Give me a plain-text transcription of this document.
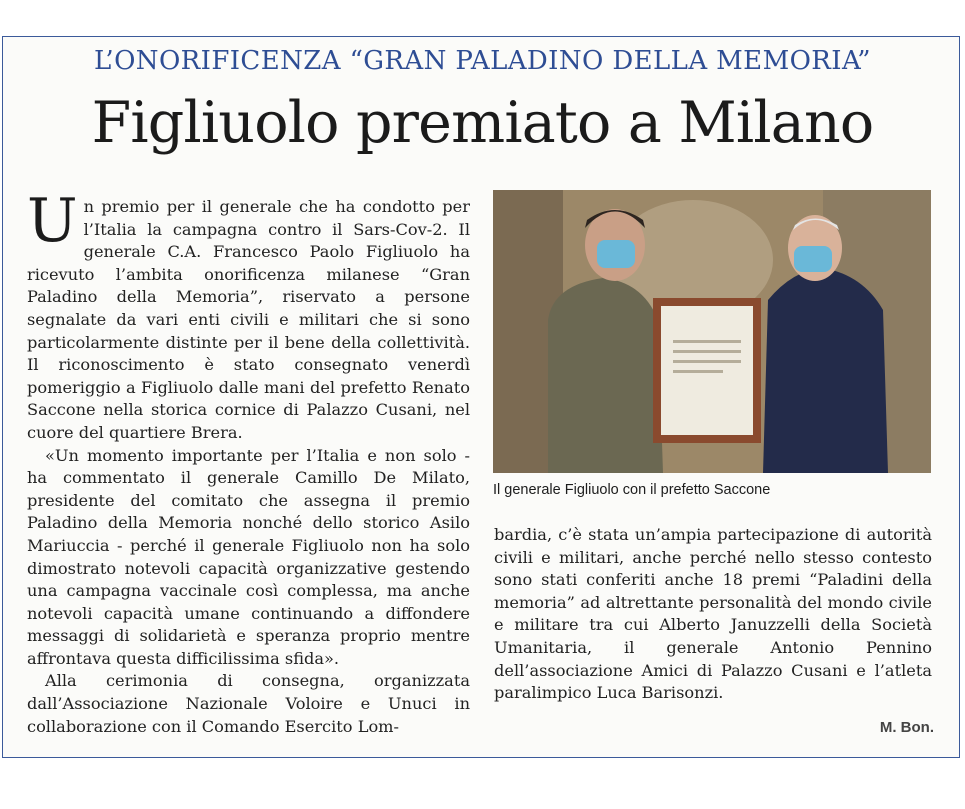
L’ONORIFICENZA “GRAN PALADINO DELLA MEMORIA”
Figliuolo premiato a Milano

Un premio per il generale che ha condotto per l’Italia la campagna contro il Sars-Cov-2. Il generale C.A. Francesco Paolo Figliuolo ha ricevuto l’ambita onorificenza milanese “Gran Paladino della Memoria”, riservato a persone segnalate da vari enti civili e militari che si sono particolarmente distinte per il bene della collettività. Il riconoscimento è stato consegnato venerdì pomeriggio a Figliuolo dalle mani del prefetto Renato Saccone nella storica cornice di Palazzo Cusani, nel cuore del quartiere Brera.

«Un momento importante per l’Italia e non solo - ha commentato il generale Camillo De Milato, presidente del comitato che assegna il premio Paladino della Memoria nonché dello storico Asilo Mariuccia - perché il generale Figliuolo non ha solo dimostrato notevoli capacità organizzative gestendo una campagna vaccinale così complessa, ma anche notevoli capacità umane continuando a diffondere messaggi di solidarietà e speranza proprio mentre affrontava questa difficilissima sfida».

Alla cerimonia di consegna, organizzata dall’Associazione Nazionale Voloire e Unuci in collaborazione con il Comando Esercito Lom-

Il generale Figliuolo con il prefetto Saccone

bardia, c’è stata un’ampia partecipazione di autorità civili e militari, anche perché nello stesso contesto sono stati conferiti anche 18 premi “Paladini della memoria” ad altrettante personalità del mondo civile e militare tra cui Alberto Januzzelli della Società Umanitaria, il generale Antonio Pennino dell’associazione Amici di Palazzo Cusani e l’atleta paralimpico Luca Barisonzi.

M. Bon.
